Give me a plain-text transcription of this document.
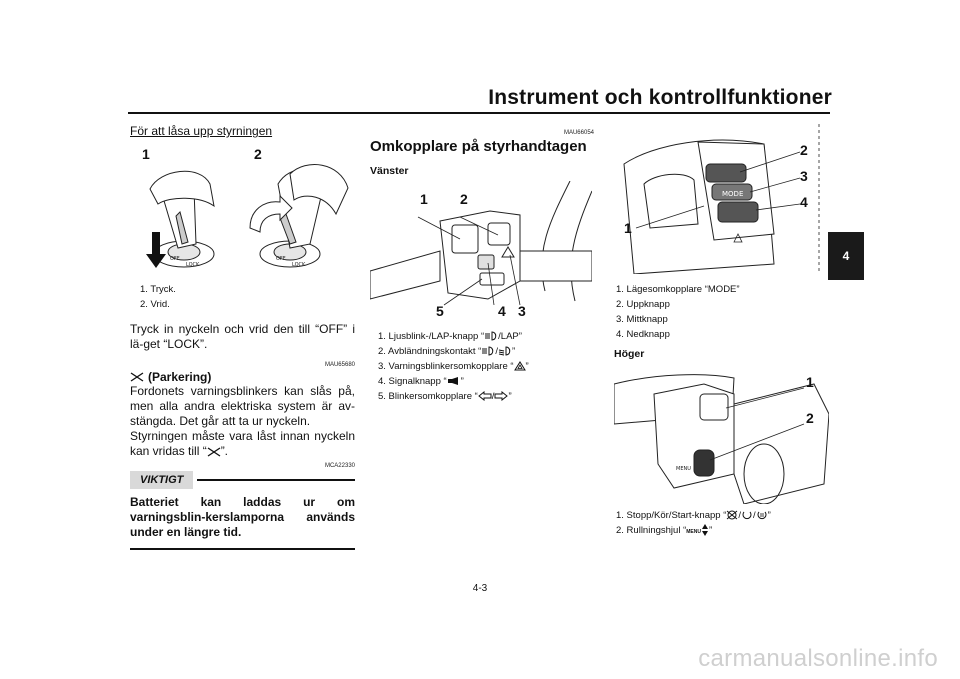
Instrument och kontrollfunktioner
4
För att låsa upp styrningen
OFF
LOCK
OFF
LOCK
1	2
1. Tryck.
2. Vrid.
Tryck in nyckeln och vrid den till “OFF” i lä-get “LOCK”.
MAU65680
(Parkering)
Fordonets varningsblinkers kan slås på, men alla andra elektriska system är av-stängda. Det går att ta ur nyckeln.
Styrningen måste vara låst innan nyckeln kan vridas till “ ”.
MCA22330
VIKTIGT
Batteriet kan laddas ur om varningsblin-kerslamporna används under en längre tid.
MAU66054
Omkopplare på styrhandtagen
Vänster
1 2
5	4 3
1. Ljusblink-/LAP-knapp “ /LAP”
2. Avbländningskontakt “ / ”
3. Varningsblinkersomkopplare “ ”
4. Signalknapp “ ”
5. Blinkersomkopplare “ / ”
MODE
2
3
4
1
1. Lägesomkopplare “MODE”
2. Uppknapp
3. Mittknapp
4. Nedknapp
Höger
MENU
1
2
1. Stopp/Kör/Start-knapp “ / / ”
2. Rullningshjul “MENU ”
4-3
carmanualsonline.info
